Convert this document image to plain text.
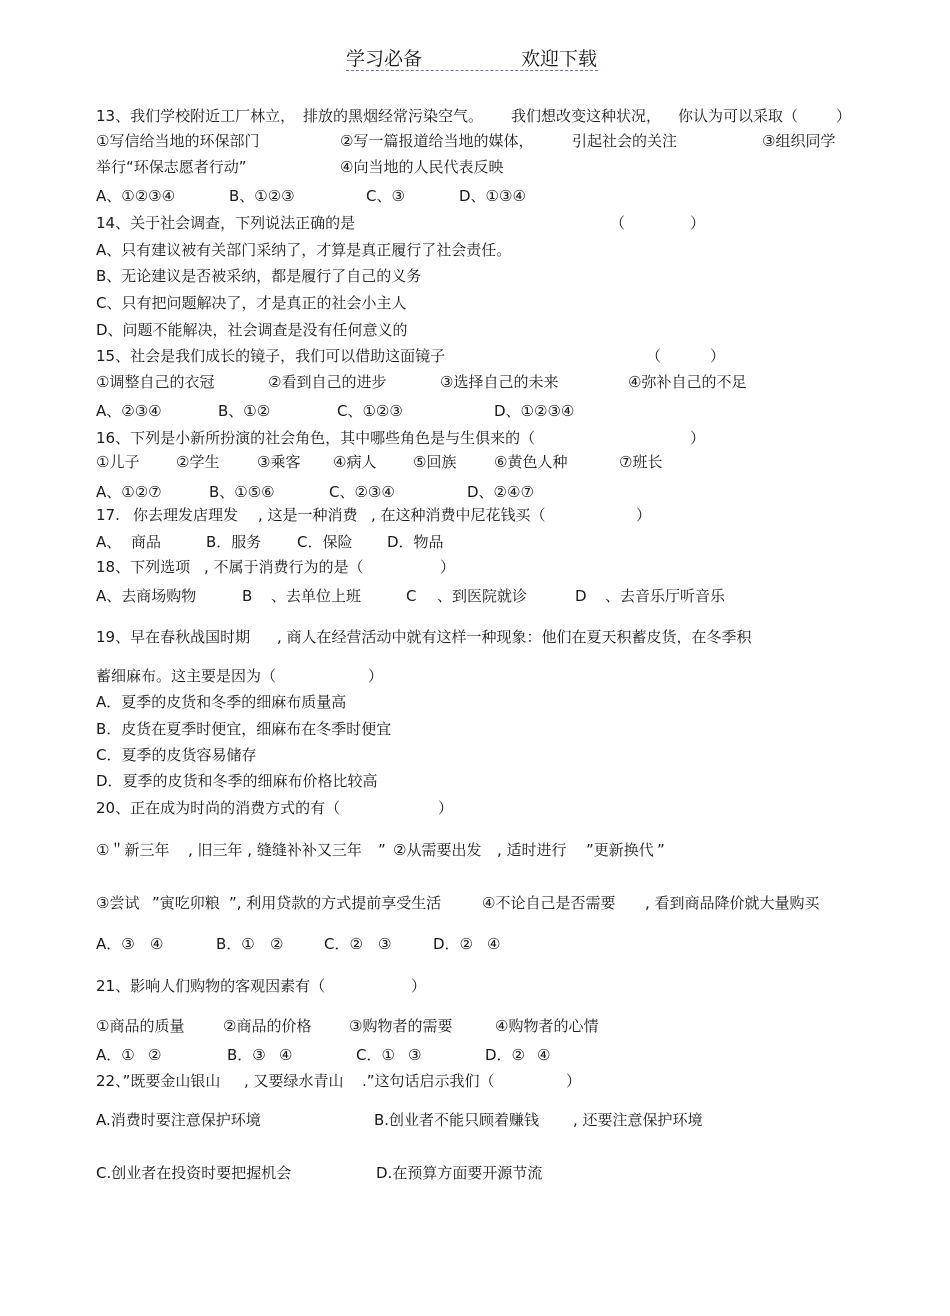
学习必备	欢迎下载
13、我们学校附近工厂林立， 排放的黑烟经常污染空气。 我们想改变这种状况， 你认为可以采取（	）
①写信给当地的环保部门	②写一篇报道给当地的媒体，	引起社会的关注	③组织同学
举行“环保志愿者行动”	④向当地的人民代表反映
A、①②③④	B、①②③	C、③	D、①③④
14、关于社会调查，下列说法正确的是	（	）
A、只有建议被有关部门采纳了，才算是真正履行了社会责任。
B、无论建议是否被采纳，都是履行了自己的义务
C、只有把问题解决了，才是真正的社会小主人
D、问题不能解决，社会调查是没有任何意义的
15、社会是我们成长的镜子，我们可以借助这面镜子	（	）
①调整自己的衣冠	②看到自己的进步	③选择自己的未来	④弥补自己的不足
A、②③④	B、①②	C、①②③	D、①②③④
16、下列是小新所扮演的社会角色，其中哪些角色是与生俱来的（	）
①儿子 ②学生	③乘客 ④病人 ⑤回族	⑥黄色人种	⑦班长
A、①②⑦	B、①⑤⑥	C、②③④	D、②④⑦
17. 你去理发店理发 , 这是一种消费 , 在这种消费中尼花钱买（	）
A、 商品	B．服务 C．保险 D．物品
18、下列选项 , 不属于消费行为的是（	）
A、去商场购物	B 、去单位上班	C 、到医院就诊	D 、去音乐厅听音乐
19、早在春秋战国时期 , 商人在经营活动中就有这样一种现象：他们在夏天积蓄皮货，在冬季积
蓄细麻布。这主要是因为（	）
A．夏季的皮货和冬季的细麻布质量高
B．皮货在夏季时便宜，细麻布在冬季时便宜
C．夏季的皮货容易储存
D．夏季的皮货和冬季的细麻布价格比较高
20、正在成为时尚的消费方式的有（	）
①＂新三年 , 旧三年 , 缝缝补补又三年 ” ②从需要出发 , 适时进行 ”更新换代 ”
③尝试 ”寅吃卯粮 ”, 利用贷款的方式提前享受生活	④不论自己是否需要 , 看到商品降价就大量购买
A．③ ④	B．① ②	C．② ③	D．② ④
21、影响人们购物的客观因素有（	）
①商品的质量	②商品的价格	③购物者的需要	④购物者的心情
A．① ②	B．③ ④	C．① ③	D．② ④
22、”既要金山银山 , 又要绿水青山 .”这句话启示我们（	）
A.消费时要注意保护环境	B.创业者不能只顾着赚钱 , 还要注意保护环境
C.创业者在投资时要把握机会	D.在预算方面要开源节流
